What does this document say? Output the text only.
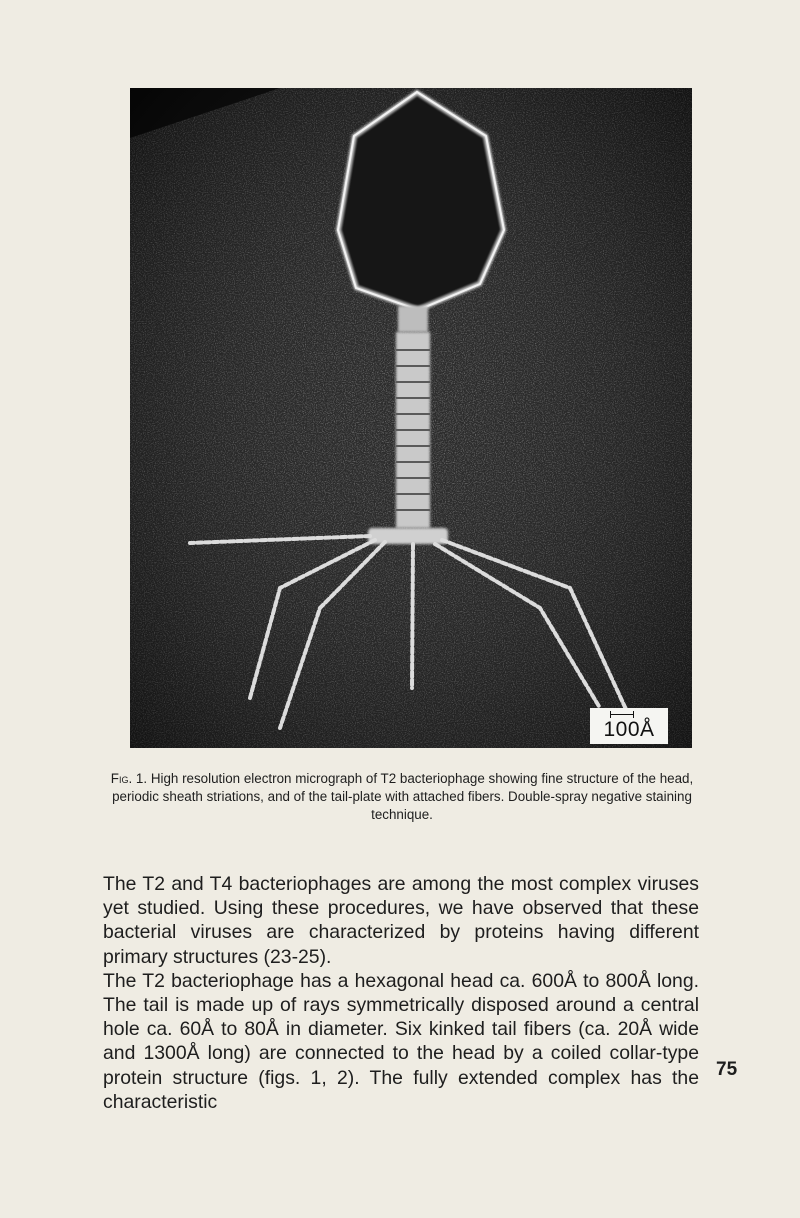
100Å
Fig. 1. High resolution electron micrograph of T2 bacteriophage showing fine structure of the head, periodic sheath striations, and of the tail-plate with attached fibers. Double-spray negative staining technique.

The T2 and T4 bacteriophages are among the most complex viruses yet studied. Using these procedures, we have observed that these bacterial viruses are characterized by proteins having different primary structures (23-25).

The T2 bacteriophage has a hexagonal head ca. 600Å to 800Å long. The tail is made up of rays symmetrically disposed around a central hole ca. 60Å to 80Å in diameter. Six kinked tail fibers (ca. 20Å wide and 1300Å long) are connected to the head by a coiled collar-type protein structure (figs. 1, 2). The fully extended complex has the characteristic

75
